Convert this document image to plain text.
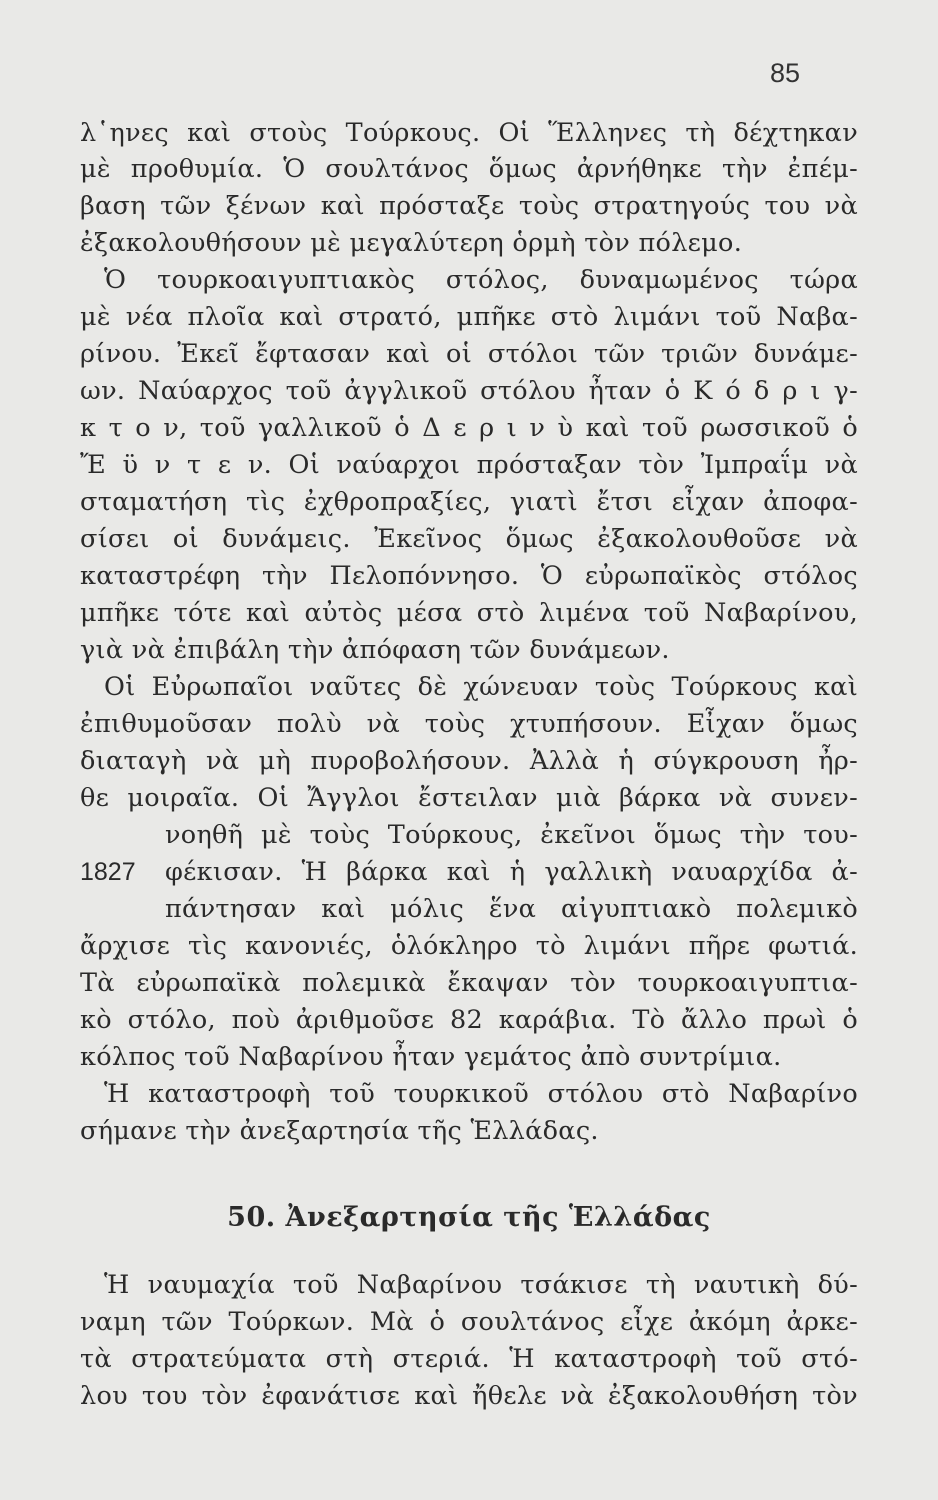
85
λ῾ηνες καὶ στοὺς Τούρκους. Οἱ Ἕλληνες τὴ δέχτηκαν
μὲ προθυμία. Ὁ σουλτάνος ὅμως ἀρνήθηκε τὴν ἐπέμ-
βαση τῶν ξένων καὶ πρόσταξε τοὺς στρατηγούς του νὰ
ἐξακολουθήσουν μὲ μεγαλύτερη ὁρμὴ τὸν πόλεμο.
Ὁ τουρκοαιγυπτιακὸς στόλος, δυναμωμένος τώρα
μὲ νέα πλοῖα καὶ στρατό, μπῆκε στὸ λιμάνι τοῦ Ναβα-
ρίνου. Ἐκεῖ ἔφτασαν καὶ οἱ στόλοι τῶν τριῶν δυνάμε-
ων. Ναύαρχος τοῦ ἀγγλικοῦ στόλου ἦταν ὁ Κ ό δ ρ ι γ-
κ τ ο ν, τοῦ γαλλικοῦ ὁ Δ ε ρ ι ν ὺ καὶ τοῦ ρωσσικοῦ ὁ
Ἔ ϋ ν τ ε ν. Οἱ ναύαρχοι πρόσταξαν τὸν Ἰμπραΐμ νὰ
σταματήση τὶς ἐχθροπραξίες, γιατὶ ἔτσι εἶχαν ἀποφα-
σίσει οἱ δυνάμεις. Ἐκεῖνος ὅμως ἐξακολουθοῦσε νὰ
καταστρέφη τὴν Πελοπόννησο. Ὁ εὐρωπαϊκὸς στόλος
μπῆκε τότε καὶ αὐτὸς μέσα στὸ λιμένα τοῦ Ναβαρίνου,
γιὰ νὰ ἐπιβάλη τὴν ἀπόφαση τῶν δυνάμεων.
Οἱ Εὐρωπαῖοι ναῦτες δὲ χώνευαν τοὺς Τούρκους καὶ
ἐπιθυμοῦσαν πολὺ νὰ τοὺς χτυπήσουν. Εἶχαν ὅμως
διαταγὴ νὰ μὴ πυροβολήσουν. Ἀλλὰ ἡ σύγκρουση ἦρ-
θε μοιραῖα. Οἱ Ἄγγλοι ἔστειλαν μιὰ βάρκα νὰ συνεν-
νοηθῆ μὲ τοὺς Τούρκους, ἐκεῖνοι ὅμως τὴν του-
1827 φέκισαν. Ἡ βάρκα καὶ ἡ γαλλικὴ ναυαρχίδα ἀ-
πάντησαν καὶ μόλις ἕνα αἰγυπτιακὸ πολεμικὸ
ἄρχισε τὶς κανονιές, ὁλόκληρο τὸ λιμάνι πῆρε φωτιά.
Τὰ εὐρωπαϊκὰ πολεμικὰ ἔκαψαν τὸν τουρκοαιγυπτια-
κὸ στόλο, ποὺ ἀριθμοῦσε 82 καράβια. Τὸ ἄλλο πρωὶ ὁ
κόλπος τοῦ Ναβαρίνου ἦταν γεμάτος ἀπὸ συντρίμια.
Ἡ καταστροφὴ τοῦ τουρκικοῦ στόλου στὸ Ναβαρίνο
σήμανε τὴν ἀνεξαρτησία τῆς Ἑλλάδας.
50. Ἀνεξαρτησία τῆς Ἑλλάδας
Ἡ ναυμαχία τοῦ Ναβαρίνου τσάκισε τὴ ναυτικὴ δύ-
ναμη τῶν Τούρκων. Μὰ ὁ σουλτάνος εἶχε ἀκόμη ἀρκε-
τὰ στρατεύματα στὴ στεριά. Ἡ καταστροφὴ τοῦ στό-
λου του τὸν ἐφανάτισε καὶ ἤθελε νὰ ἐξακολουθήση τὸν
